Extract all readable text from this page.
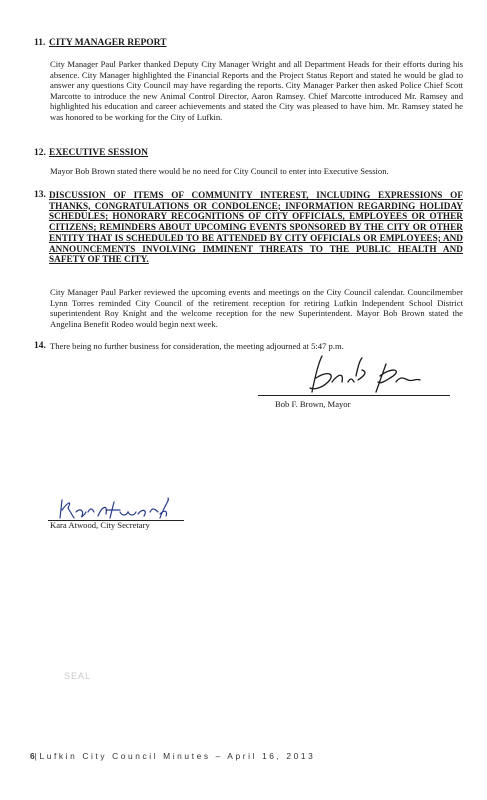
11. CITY MANAGER REPORT
City Manager Paul Parker thanked Deputy City Manager Wright and all Department Heads for their efforts during his absence. City Manager highlighted the Financial Reports and the Project Status Report and stated he would be glad to answer any questions City Council may have regarding the reports. City Manager Parker then asked Police Chief Scott Marcotte to introduce the new Animal Control Director, Aaron Ramsey. Chief Marcotte introduced Mr. Ramsey and highlighted his education and career achievements and stated the City was pleased to have him. Mr. Ramsey stated he was honored to be working for the City of Lufkin.
12. EXECUTIVE SESSION
Mayor Bob Brown stated there would be no need for City Council to enter into Executive Session.
13. DISCUSSION OF ITEMS OF COMMUNITY INTEREST, INCLUDING EXPRESSIONS OF THANKS, CONGRATULATIONS OR CONDOLENCE; INFORMATION REGARDING HOLIDAY SCHEDULES; HONORARY RECOGNITIONS OF CITY OFFICIALS, EMPLOYEES OR OTHER CITIZENS; REMINDERS ABOUT UPCOMING EVENTS SPONSORED BY THE CITY OR OTHER ENTITY THAT IS SCHEDULED TO BE ATTENDED BY CITY OFFICIALS OR EMPLOYEES; AND ANNOUNCEMENTS INVOLVING IMMINENT THREATS TO THE PUBLIC HEALTH AND SAFETY OF THE CITY.
City Manager Paul Parker reviewed the upcoming events and meetings on the City Council calendar. Councilmember Lynn Torres reminded City Council of the retirement reception for retiring Lufkin Independent School District superintendent Roy Knight and the welcome reception for the new Superintendent. Mayor Bob Brown stated the Angelina Benefit Rodeo would begin next week.
14. There being no further business for consideration, the meeting adjourned at 5:47 p.m.
Bob F. Brown, Mayor
Kara Atwood, City Secretary
SEAL
6|Lufkin City Council Minutes – April 16, 2013
